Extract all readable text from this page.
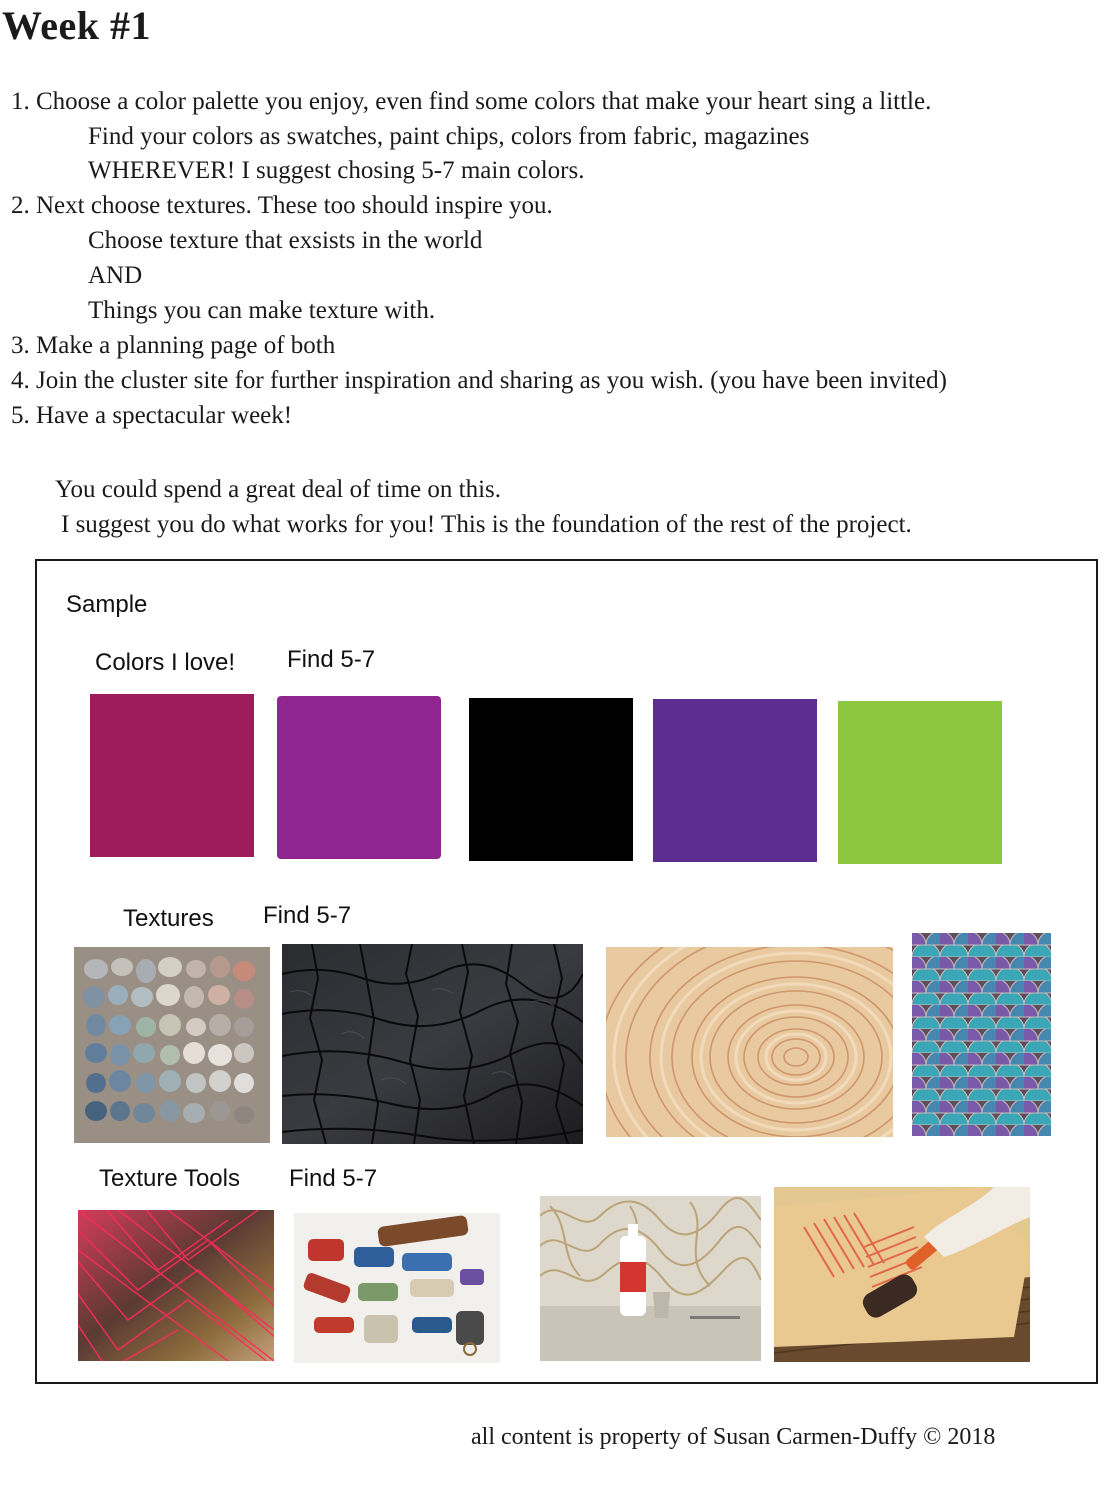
Week #1
1. Choose a color palette you enjoy, even find some colors that make your heart sing a little.
Find your colors as swatches, paint chips, colors from fabric, magazines
WHEREVER! I suggest chosing 5-7 main colors.
2. Next choose textures. These too should inspire you.
Choose texture that exsists in the world
AND
Things you can make texture with.
3. Make a planning page of both
4. Join the cluster site for further inspiration and sharing as you wish. (you have been invited)
5. Have a spectacular week!
You could spend a great deal of time on this.
I suggest you do what works for you! This is the foundation of the rest of the project.
Sample
Colors I love! Find 5-7
Textures Find 5-7
Texture Tools Find 5-7
all content is property of Susan Carmen-Duffy © 2018
